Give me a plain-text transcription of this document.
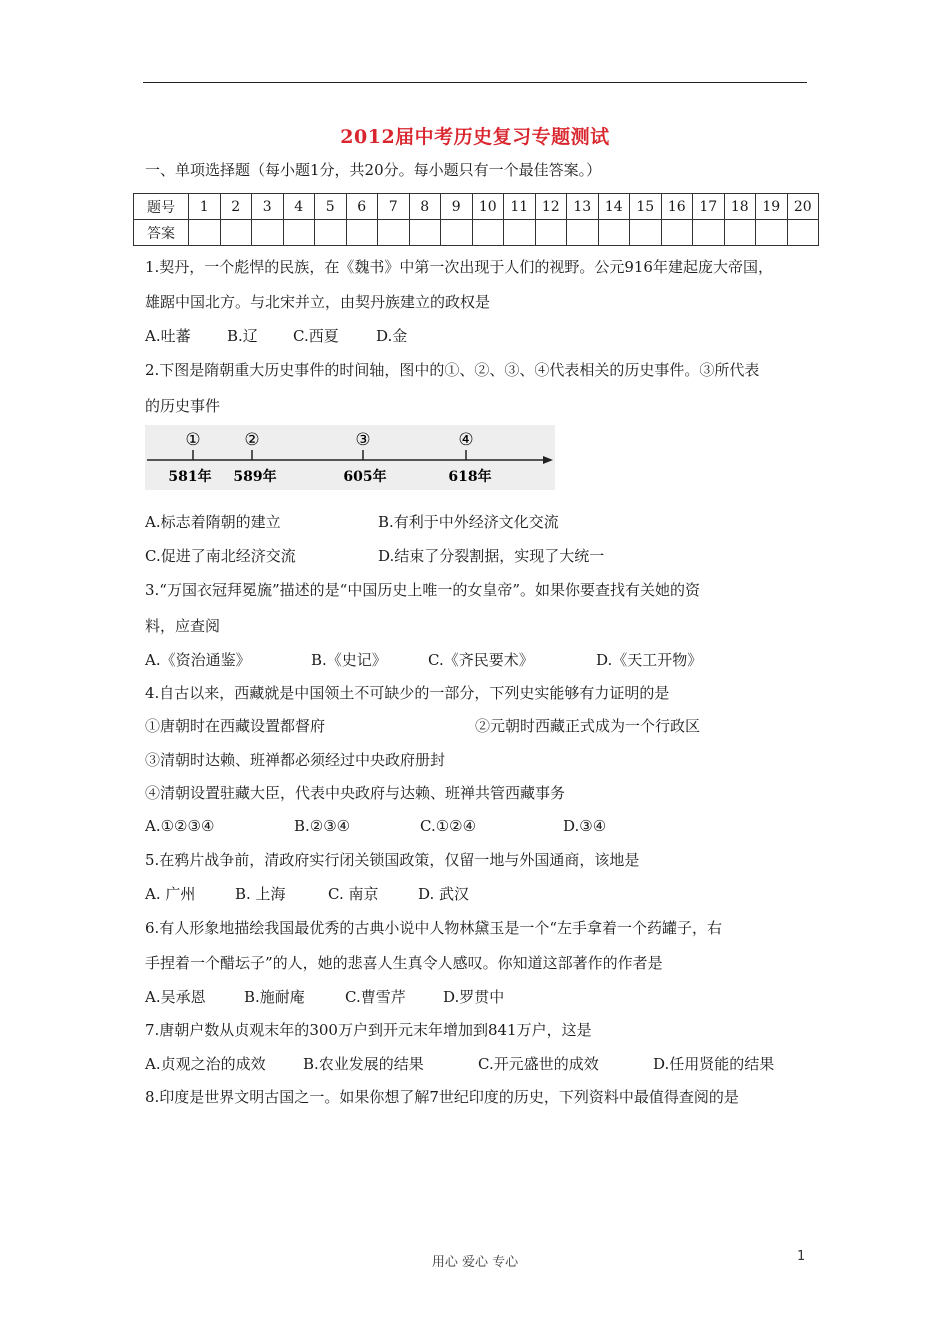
2012届中考历史复习专题测试
一、单项选择题（每小题1分，共20分。每小题只有一个最佳答案。）
题号	1	2	3	4	5	6	7	8	9	10	11	12	13	14	15	16	17	18	19	20
答案																				
1.契丹，一个彪悍的民族，在《魏书》中第一次出现于人们的视野。公元916年建起庞大帝国，
雄踞中国北方。与北宋并立，由契丹族建立的政权是
A.吐蕃 B.辽 C.西夏 D.金
2.下图是隋朝重大历史事件的时间轴，图中的①、②、③、④代表相关的历史事件。③所代表
的历史事件
①	②	③	④
581年 589年	605年	618年
A.标志着隋朝的建立	B.有利于中外经济文化交流
C.促进了南北经济交流	D.结束了分裂割据，实现了大统一
3.“万国衣冠拜冕旒”描述的是“中国历史上唯一的女皇帝”。如果你要查找有关她的资
料，应查阅
A.《资治通鉴》	B.《史记》	C.《齐民要术》	D.《天工开物》
4.自古以来，西藏就是中国领土不可缺少的一部分，下列史实能够有力证明的是
①唐朝时在西藏设置都督府	②元朝时西藏正式成为一个行政区
③清朝时达赖、班禅都必须经过中央政府册封
④清朝设置驻藏大臣，代表中央政府与达赖、班禅共管西藏事务
A.①②③④	B.②③④	C.①②④	D.③④
5.在鸦片战争前，清政府实行闭关锁国政策，仅留一地与外国通商，该地是
A. 广州	B. 上海	C. 南京	D. 武汉
6.有人形象地描绘我国最优秀的古典小说中人物林黛玉是一个“左手拿着一个药罐子，右
手捏着一个醋坛子”的人，她的悲喜人生真令人感叹。你知道这部著作的作者是
A.吴承恩	B.施耐庵	C.曹雪芹 D.罗贯中
7.唐朝户数从贞观末年的300万户到开元末年增加到841万户，这是
A.贞观之治的成效 B.农业发展的结果	C.开元盛世的成效	D.任用贤能的结果
8.印度是世界文明古国之一。如果你想了解7世纪印度的历史，下列资料中最值得查阅的是
用心 爱心 专心	1
